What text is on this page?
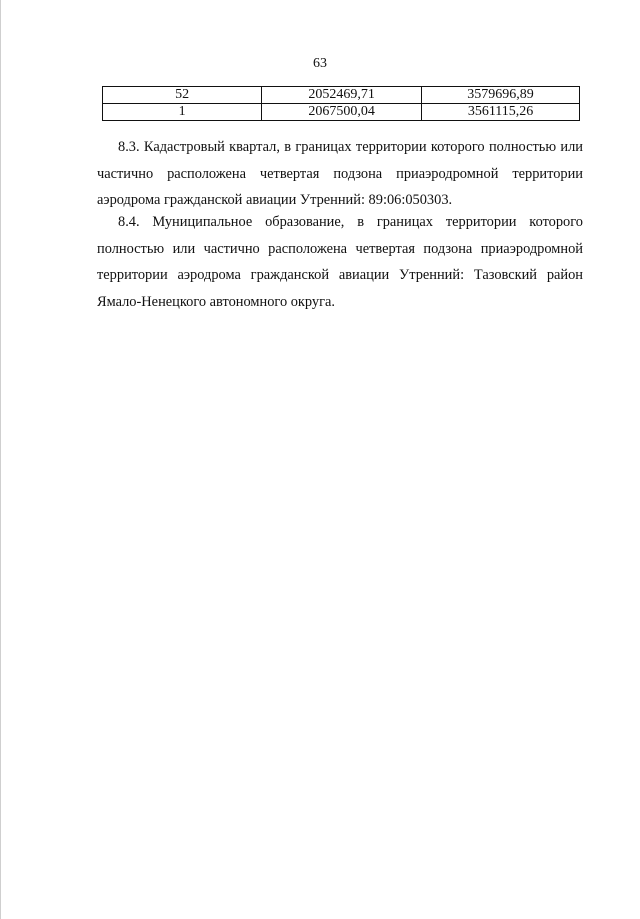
63
52	2052469,71	3579696,89
1	2067500,04	3561115,26

8.3. Кадастровый квартал, в границах территории которого полностью или частично расположена четвертая подзона приаэродромной территории аэродрома гражданской авиации Утренний: 89:06:050303.

8.4. Муниципальное образование, в границах территории которого полностью или частично расположена четвертая подзона приаэродромной территории аэродрома гражданской авиации Утренний: Тазовский район Ямало-Ненецкого автономного округа.
